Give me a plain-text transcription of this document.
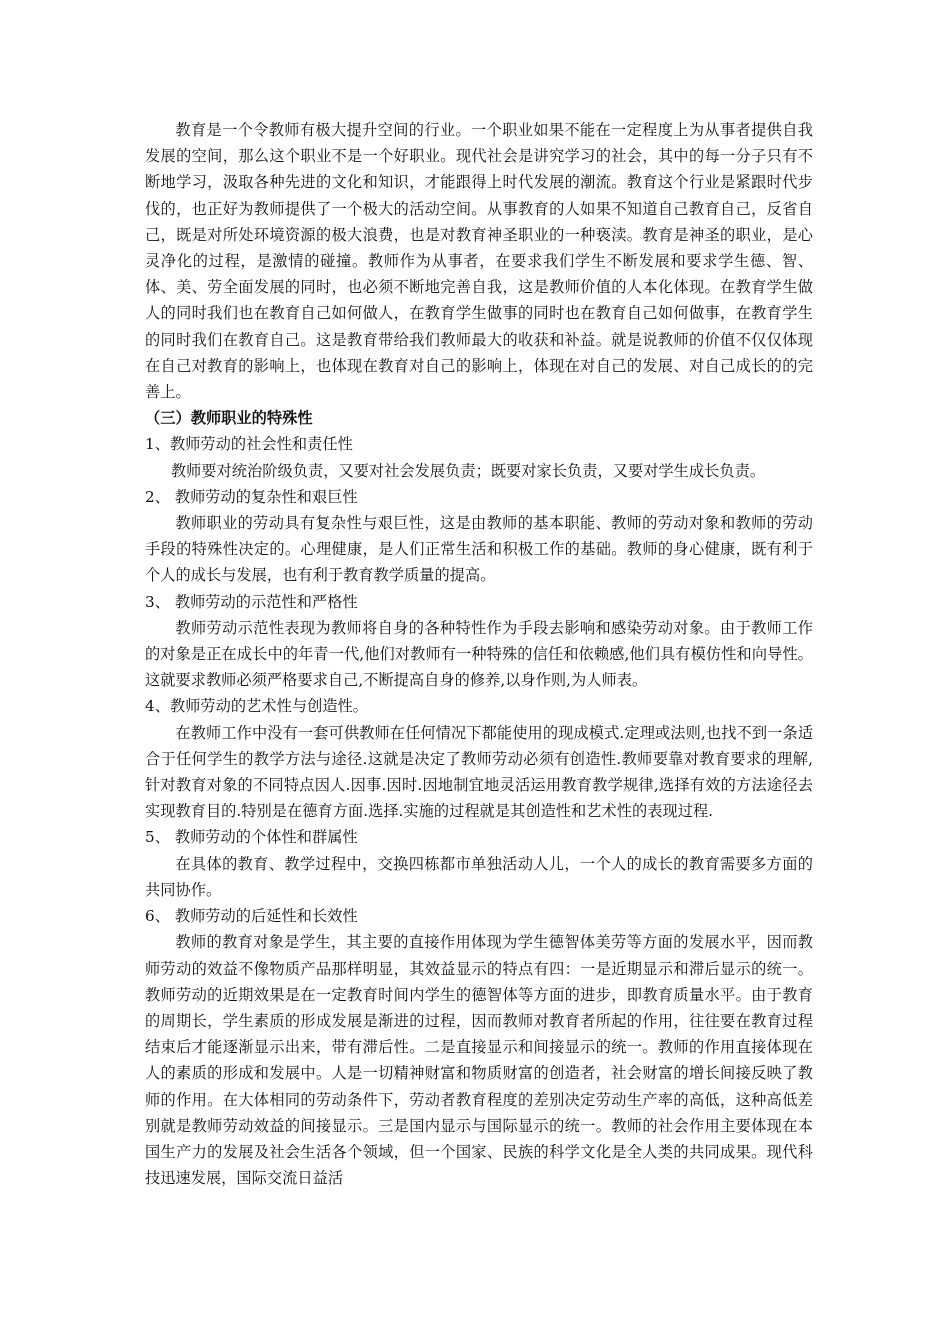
教育是一个令教师有极大提升空间的行业。一个职业如果不能在一定程度上为从事者提供自我发展的空间，那么这个职业不是一个好职业。现代社会是讲究学习的社会，其中的每一分子只有不断地学习，汲取各种先进的文化和知识，才能跟得上时代发展的潮流。教育这个行业是紧跟时代步伐的，也正好为教师提供了一个极大的活动空间。从事教育的人如果不知道自己教育自己，反省自己，既是对所处环境资源的极大浪费，也是对教育神圣职业的一种亵渎。教育是神圣的职业，是心灵净化的过程，是激情的碰撞。教师作为从事者，在要求我们学生不断发展和要求学生德、智、体、美、劳全面发展的同时，也必须不断地完善自我，这是教师价值的人本化体现。在教育学生做人的同时我们也在教育自己如何做人，在教育学生做事的同时也在教育自己如何做事，在教育学生的同时我们在教育自己。这是教育带给我们教师最大的收获和补益。就是说教师的价值不仅仅体现在自己对教育的影响上，也体现在教育对自己的影响上，体现在对自己的发展、对自己成长的的完善上。

（三）教师职业的特殊性
1、教师劳动的社会性和责任性

教师要对统治阶级负责，又要对社会发展负责；既要对家长负责，又要对学生成长负责。

2、 教师劳动的复杂性和艰巨性

教师职业的劳动具有复杂性与艰巨性，这是由教师的基本职能、教师的劳动对象和教师的劳动手段的特殊性决定的。心理健康，是人们正常生活和积极工作的基础。教师的身心健康，既有利于个人的成长与发展，也有利于教育教学质量的提高。

3、 教师劳动的示范性和严格性

教师劳动示范性表现为教师将自身的各种特性作为手段去影响和感染劳动对象。由于教师工作的对象是正在成长中的年青一代,他们对教师有一种特殊的信任和依赖感,他们具有模仿性和向导性。这就要求教师必须严格要求自己,不断提高自身的修养,以身作则,为人师表。

4、教师劳动的艺术性与创造性。

在教师工作中没有一套可供教师在任何情况下都能使用的现成模式.定理或法则,也找不到一条适合于任何学生的教学方法与途径.这就是决定了教师劳动必须有创造性.教师要靠对教育要求的理解,针对教育对象的不同特点因人.因事.因时.因地制宜地灵活运用教育教学规律,选择有效的方法途径去实现教育目的.特别是在德育方面.选择.实施的过程就是其创造性和艺术性的表现过程.

5、 教师劳动的个体性和群属性

在具体的教育、教学过程中，交换四栋都市单独活动人儿，一个人的成长的教育需要多方面的共同协作。

6、 教师劳动的后延性和长效性

教师的教育对象是学生，其主要的直接作用体现为学生德智体美劳等方面的发展水平，因而教师劳动的效益不像物质产品那样明显，其效益显示的特点有四：一是近期显示和滞后显示的统一。教师劳动的近期效果是在一定教育时间内学生的德智体等方面的进步，即教育质量水平。由于教育的周期长，学生素质的形成发展是渐进的过程，因而教师对教育者所起的作用，往往要在教育过程结束后才能逐渐显示出来，带有滞后性。二是直接显示和间接显示的统一。教师的作用直接体现在人的素质的形成和发展中。人是一切精神财富和物质财富的创造者，社会财富的增长间接反映了教师的作用。在大体相同的劳动条件下，劳动者教育程度的差别决定劳动生产率的高低，这种高低差别就是教师劳动效益的间接显示。三是国内显示与国际显示的统一。教师的社会作用主要体现在本国生产力的发展及社会生活各个领域，但一个国家、民族的科学文化是全人类的共同成果。现代科技迅速发展，国际交流日益活
